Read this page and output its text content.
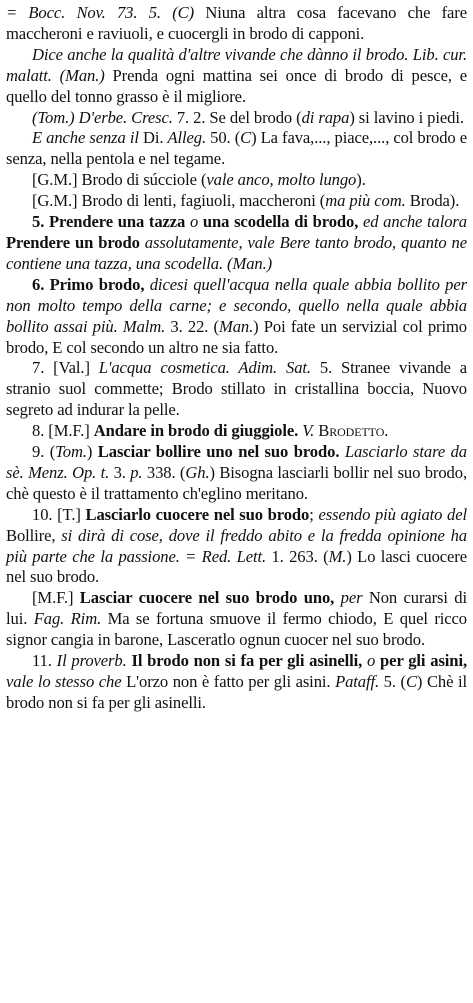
= Bocc. Nov. 73. 5. (C) Niuna altra cosa facevano che fare maccheroni e raviuoli, e cuocergli in brodo di capponi.

Dice anche la qualità d'altre vivande che dànno il brodo. Lib. cur. malatt. (Man.) Prenda ogni mattina sei once di brodo di pesce, e quello del tonno grasso è il migliore.

(Tom.) D'erbe. Cresc. 7. 2. Se del brodo (di rapa) si lavino i piedi.

E anche senza il Di. Alleg. 50. (C) La fava,..., piace,..., col brodo e senza, nella pentola e nel tegame.

[G.M.] Brodo di súcciole (vale anco, molto lungo).

[G.M.] Brodo di lenti, fagiuoli, maccheroni (ma più com. Broda).

5. Prendere una tazza o una scodella di brodo, ed anche talora Prendere un brodo assolutamente, vale Bere tanto brodo, quanto ne contiene una tazza, una scodella. (Man.)

6. Primo brodo, dicesi quell'acqua nella quale abbia bollito per non molto tempo della carne; e secondo, quello nella quale abbia bollito assai più. Malm. 3. 22. (Man.) Poi fate un servizial col primo brodo, E col secondo un altro ne sia fatto.

7. [Val.] L'acqua cosmetica. Adim. Sat. 5. Stranee vivande a stranio suol commette; Brodo stillato in cristallina boccia, Nuovo segreto ad indurar la pelle.

8. [M.F.] Andare in brodo di giuggiole. V. Brodetto.

9. (Tom.) Lasciar bollire uno nel suo brodo. Lasciarlo stare da sè. Menz. Op. t. 3. p. 338. (Gh.) Bisogna lasciarli bollir nel suo brodo, chè questo è il trattamento ch'eglino meritano.

10. [T.] Lasciarlo cuocere nel suo brodo; essendo più agiato del Bollire, si dirà di cose, dove il freddo abito e la fredda opinione ha più parte che la passione. = Red. Lett. 1. 263. (M.) Lo lasci cuocere nel suo brodo.

[M.F.] Lasciar cuocere nel suo brodo uno, per Non curarsi di lui. Fag. Rim. Ma se fortuna smuove il fermo chiodo, E quel ricco signor cangia in barone, Lasceratlo ognun cuocer nel suo brodo.

11. Il proverb. Il brodo non si fa per gli asinelli, o per gli asini, vale lo stesso che L'orzo non è fatto per gli asini. Pataff. 5. (C) Chè il brodo non si fa per gli asinelli.
